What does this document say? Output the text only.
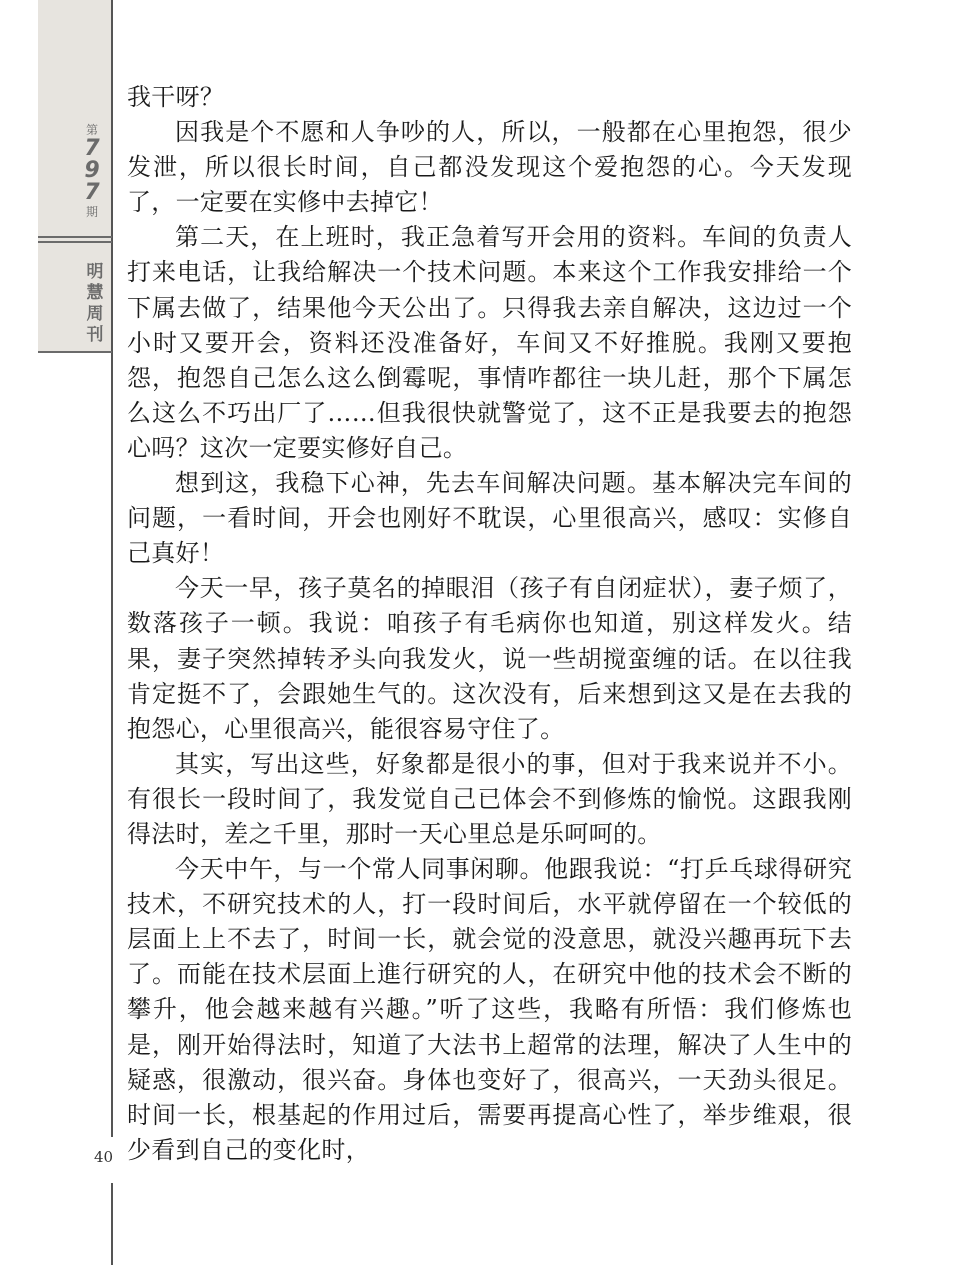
第
7
9
7
期
明
慧
周
刊
40

我干呀？

因我是个不愿和人争吵的人，所以，一般都在心里抱怨，很少发泄，所以很长时间，自己都没发现这个爱抱怨的心。今天发现了，一定要在实修中去掉它！

第二天，在上班时，我正急着写开会用的资料。车间的负责人打来电话，让我给解决一个技术问题。本来这个工作我安排给一个下属去做了，结果他今天公出了。只得我去亲自解决，这边过一个小时又要开会，资料还没准备好，车间又不好推脱。我刚又要抱怨，抱怨自己怎么这么倒霉呢，事情咋都往一块儿赶，那个下属怎么这么不巧出厂了……但我很快就警觉了，这不正是我要去的抱怨心吗？这次一定要实修好自己。

想到这，我稳下心神，先去车间解决问题。基本解决完车间的问题，一看时间，开会也刚好不耽误，心里很高兴，感叹：实修自己真好！

今天一早，孩子莫名的掉眼泪（孩子有自闭症状），妻子烦了，数落孩子一顿。我说：咱孩子有毛病你也知道，别这样发火。结果，妻子突然掉转矛头向我发火，说一些胡搅蛮缠的话。在以往我肯定挺不了，会跟她生气的。这次没有，后来想到这又是在去我的抱怨心，心里很高兴，能很容易守住了。

其实，写出这些，好象都是很小的事，但对于我来说并不小。有很长一段时间了，我发觉自己已体会不到修炼的愉悦。这跟我刚得法时，差之千里，那时一天心里总是乐呵呵的。

今天中午，与一个常人同事闲聊。他跟我说：“打乒乓球得研究技术，不研究技术的人，打一段时间后，水平就停留在一个较低的层面上上不去了，时间一长，就会觉的没意思，就没兴趣再玩下去了。而能在技术层面上進行研究的人，在研究中他的技术会不断的攀升，他会越来越有兴趣。”听了这些，我略有所悟：我们修炼也是，刚开始得法时，知道了大法书上超常的法理，解决了人生中的疑惑，很激动，很兴奋。身体也变好了，很高兴，一天劲头很足。时间一长，根基起的作用过后，需要再提高心性了，举步维艰，很少看到自己的变化时，
